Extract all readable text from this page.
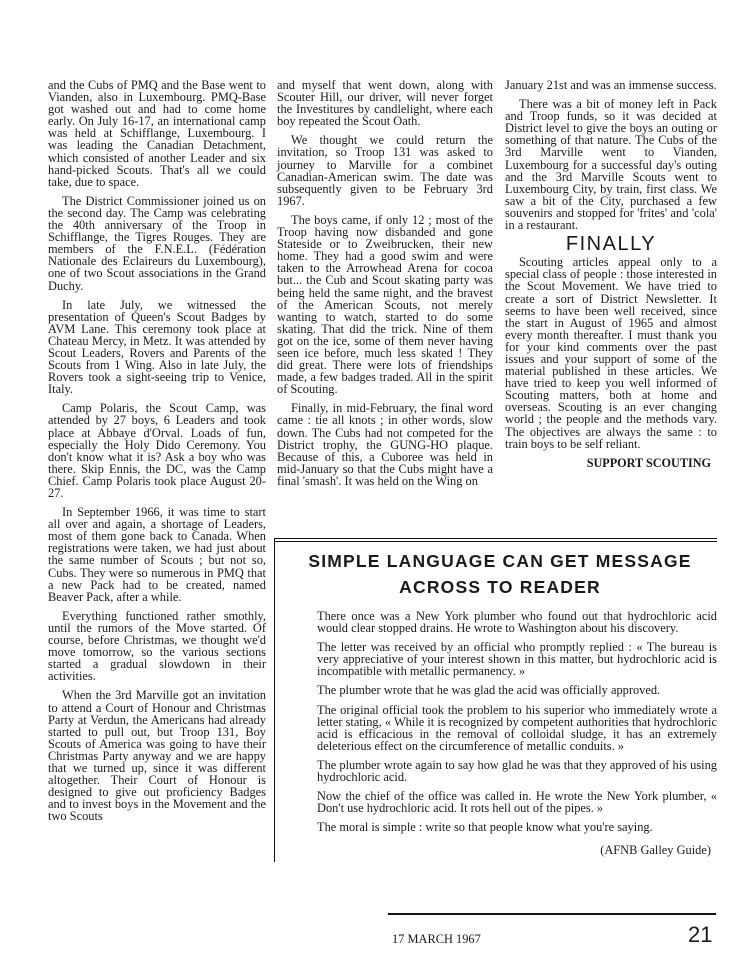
and the Cubs of PMQ and the Base went to Vianden, also in Luxembourg. PMQ-Base got washed out and had to come home early. On July 16-17, an international camp was held at Schifflange, Luxembourg. I was leading the Canadian Detachment, which consisted of another Leader and six hand-picked Scouts. That's all we could take, due to space.

The District Commissioner joined us on the second day. The Camp was celebrating the 40th anniversary of the Troop in Schifflange, the Tigres Rouges. They are members of the F.N.E.L. (Fédération Nationale des Eclaireurs du Luxembourg), one of two Scout associations in the Grand Duchy.

In late July, we witnessed the presentation of Queen's Scout Badges by AVM Lane. This ceremony took place at Chateau Mercy, in Metz. It was attended by Scout Leaders, Rovers and Parents of the Scouts from 1 Wing. Also in late July, the Rovers took a sight-seeing trip to Venice, Italy.

Camp Polaris, the Scout Camp, was attended by 27 boys, 6 Leaders and took place at Abbaye d'Orval. Loads of fun, especially the Holy Dido Ceremony. You don't know what it is? Ask a boy who was there. Skip Ennis, the DC, was the Camp Chief. Camp Polaris took place August 20-27.

In September 1966, it was time to start all over and again, a shortage of Leaders, most of them gone back to Canada. When registrations were taken, we had just about the same number of Scouts ; but not so, Cubs. They were so numerous in PMQ that a new Pack had to be created, named Beaver Pack, after a while.

Everything functioned rather smothly, until the rumors of the Move started. Of course, before Christmas, we thought we'd move tomorrow, so the various sections started a gradual slowdown in their activities.

When the 3rd Marville got an invitation to attend a Court of Honour and Christmas Party at Verdun, the Americans had already started to pull out, but Troop 131, Boy Scouts of America was going to have their Christmas Party anyway and we are happy that we turned up, since it was different altogether. Their Court of Honour is designed to give out proficiency Badges and to invest boys in the Movement and the two Scouts

and myself that went down, along with Scouter Hill, our driver, will never forget the Investitures by candlelight, where each boy repeated the Scout Oath.

We thought we could return the invitation, so Troop 131 was asked to journey to Marville for a combinet Canadian-American swim. The date was subsequently given to be February 3rd 1967.

The boys came, if only 12 ; most of the Troop having now disbanded and gone Stateside or to Zweibrucken, their new home. They had a good swim and were taken to the Arrowhead Arena for cocoa but... the Cub and Scout skating party was being held the same night, and the bravest of the American Scouts, not merely wanting to watch, started to do some skating. That did the trick. Nine of them got on the ice, some of them never having seen ice before, much less skated ! They did great. There were lots of friendships made, a few badges traded. All in the spirit of Scouting.

Finally, in mid-February, the final word came : tie all knots ; in other words, slow down. The Cubs had not competed for the District trophy, the GUNG-HO plaque. Because of this, a Cuboree was held in mid-January so that the Cubs might have a final 'smash'. It was held on the Wing on

January 21st and was an immense success.

There was a bit of money left in Pack and Troop funds, so it was decided at District level to give the boys an outing or something of that nature. The Cubs of the 3rd Marville went to Vianden, Luxembourg for a successful day's outing and the 3rd Marville Scouts went to Luxembourg City, by train, first class. We saw a bit of the City, purchased a few souvenirs and stopped for 'frites' and 'cola' in a restaurant.

FINALLY

Scouting articles appeal only to a special class of people : those interested in the Scout Movement. We have tried to create a sort of District Newsletter. It seems to have been well received, since the start in August of 1965 and almost every month thereafter. I must thank you for your kind comments over the past issues and your support of some of the material published in these articles. We have tried to keep you well informed of Scouting matters, both at home and overseas. Scouting is an ever changing world ; the people and the methods vary. The objectives are always the same : to train boys to be self reliant.

SUPPORT SCOUTING
SIMPLE LANGUAGE CAN GET MESSAGE
ACROSS TO READER

There once was a New York plumber who found out that hydrochloric acid would clear stopped drains. He wrote to Washington about his discovery.

The letter was received by an official who promptly replied : « The bureau is very appreciative of your interest shown in this matter, but hydrochloric acid is incompatible with metallic permanency. »

The plumber wrote that he was glad the acid was officially approved.

The original official took the problem to his superior who immediately wrote a letter stating, « While it is recognized by competent authorities that hydrochloric acid is efficacious in the removal of colloidal sludge, it has an extremely deleterious effect on the circumference of metallic conduits. »

The plumber wrote again to say how glad he was that they approved of his using hydrochloric acid.

Now the chief of the office was called in. He wrote the New York plumber, « Don't use hydrochloric acid. It rots hell out of the pipes. »

The moral is simple : write so that people know what you're saying.

(AFNB Galley Guide)
17 MARCH 1967	21
